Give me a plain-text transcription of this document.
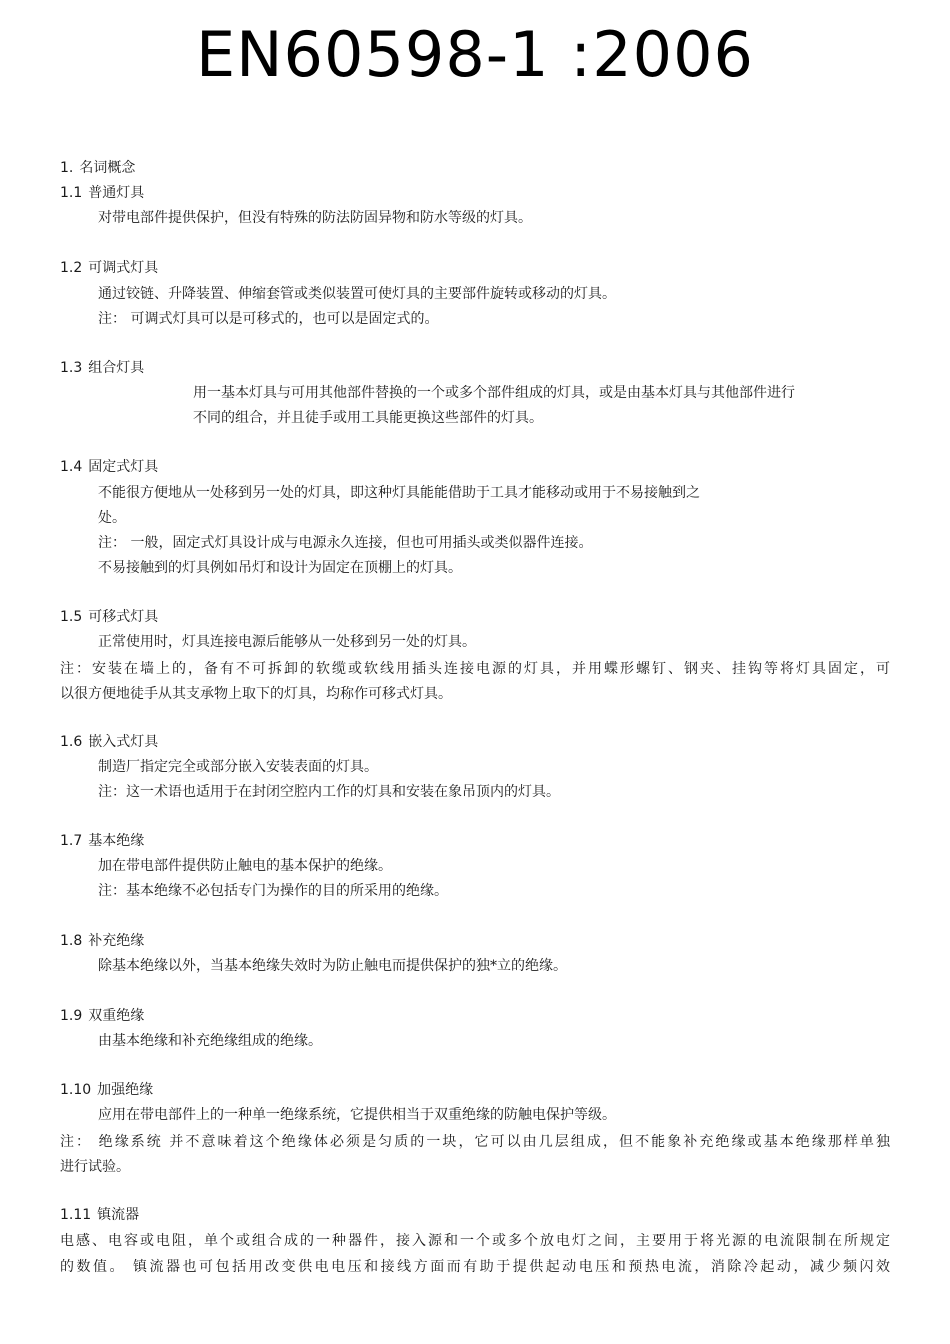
EN60598-1 :2006
1. 名词概念
1.1 普通灯具
对带电部件提供保护，但没有特殊的防法防固异物和防水等级的灯具。
1.2 可调式灯具
通过铰链、升降装置、伸缩套管或类似装置可使灯具的主要部件旋转或移动的灯具。
注： 可调式灯具可以是可移式的，也可以是固定式的。
1.3 组合灯具
用一基本灯具与可用其他部件替换的一个或多个部件组成的灯具，或是由基本灯具与其他部件进行
不同的组合，并且徒手或用工具能更换这些部件的灯具。
1.4 固定式灯具
不能很方便地从一处移到另一处的灯具，即这种灯具能能借助于工具才能移动或用于不易接触到之
处。
注： 一般，固定式灯具设计成与电源永久连接，但也可用插头或类似器件连接。
不易接触到的灯具例如吊灯和设计为固定在顶棚上的灯具。
1.5 可移式灯具
正常使用时，灯具连接电源后能够从一处移到另一处的灯具。
注：安装在墙上的，备有不可拆卸的软缆或软线用插头连接电源的灯具，并用蝶形螺钉、钢夹、挂钩等将灯具固定，可
以很方便地徒手从其支承物上取下的灯具，均称作可移式灯具。
1.6 嵌入式灯具
制造厂指定完全或部分嵌入安装表面的灯具。
注：这一术语也适用于在封闭空腔内工作的灯具和安装在象吊顶内的灯具。
1.7 基本绝缘
加在带电部件提供防止触电的基本保护的绝缘。
注：基本绝缘不必包括专门为操作的目的所采用的绝缘。
1.8 补充绝缘
除基本绝缘以外，当基本绝缘失效时为防止触电而提供保护的独*立的绝缘。
1.9 双重绝缘
由基本绝缘和补充绝缘组成的绝缘。
1.10 加强绝缘
应用在带电部件上的一种单一绝缘系统，它提供相当于双重绝缘的防触电保护等级。
注： 绝缘系统 并不意味着这个绝缘体必须是匀质的一块，它可以由几层组成，但不能象补充绝缘或基本绝缘那样单独
进行试验。
1.11 镇流器
电感、电容或电阻，单个或组合成的一种器件，接入源和一个或多个放电灯之间，主要用于将光源的电流限制在所规定
的数值。 镇流器也可包括用改变供电电压和接线方面而有助于提供起动电压和预热电流，消除冷起动，减少频闪效
